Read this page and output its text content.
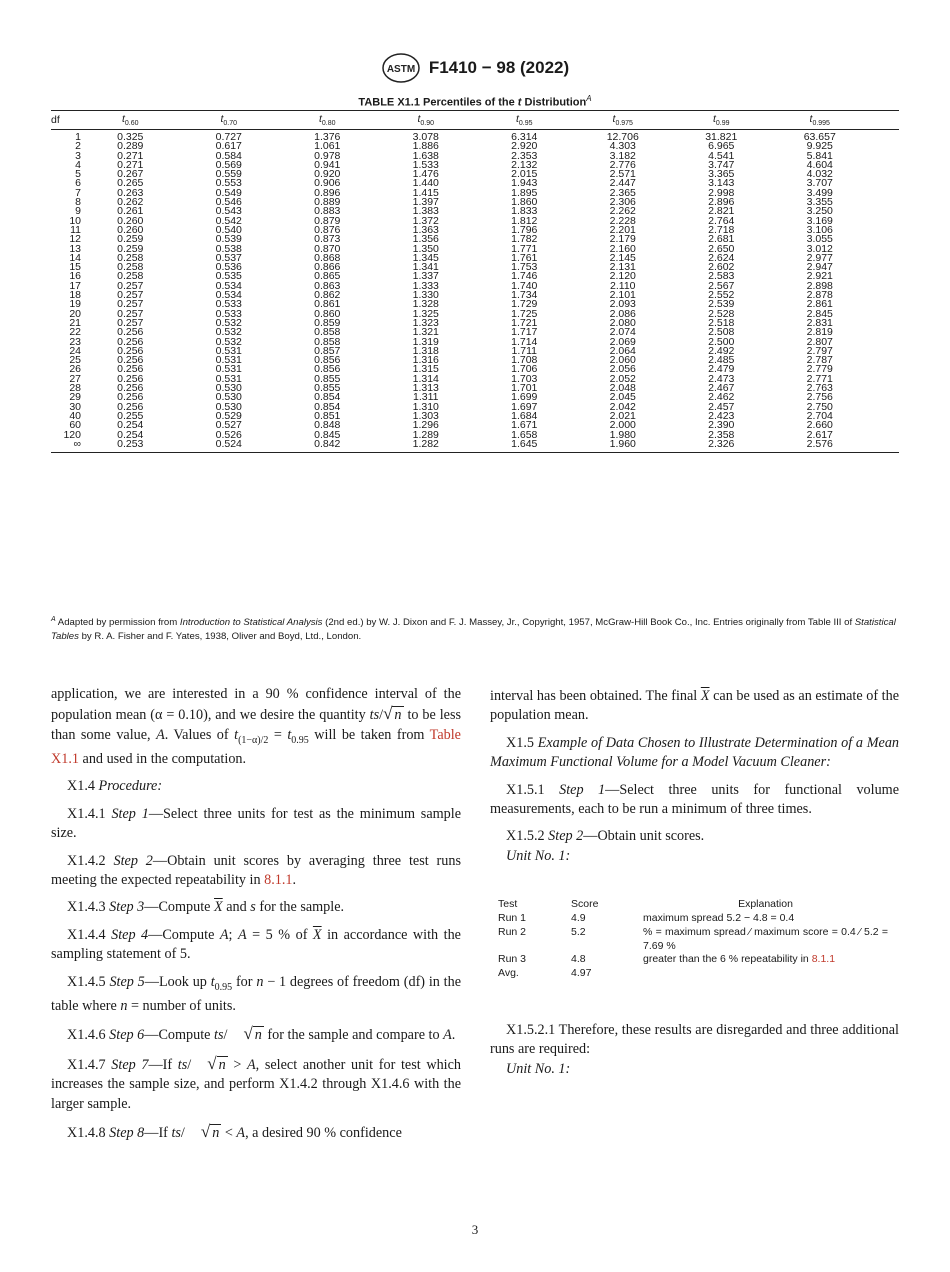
ASTM F1410 − 98 (2022)
TABLE X1.1 Percentiles of the t Distribution$^A$
df	$t_{0.60}$	$t_{0.70}$	$t_{0.80}$	$t_{0.90}$	$t_{0.95}$	$t_{0.975}$	$t_{0.99}$	$t_{0.995}$
1	0.325	0.727	1.376	3.078	6.314	12.706	31.821	63.657
2	0.289	0.617	1.061	1.886	2.920	4.303	6.965	9.925
3	0.271	0.584	0.978	1.638	2.353	3.182	4.541	5.841
4	0.271	0.569	0.941	1.533	2.132	2.776	3.747	4.604
5	0.267	0.559	0.920	1.476	2.015	2.571	3.365	4.032
6	0.265	0.553	0.906	1.440	1.943	2.447	3.143	3.707
7	0.263	0.549	0.896	1.415	1.895	2.365	2.998	3.499
8	0.262	0.546	0.889	1.397	1.860	2.306	2.896	3.355
9	0.261	0.543	0.883	1.383	1.833	2.262	2.821	3.250
10	0.260	0.542	0.879	1.372	1.812	2.228	2.764	3.169
11	0.260	0.540	0.876	1.363	1.796	2.201	2.718	3.106
12	0.259	0.539	0.873	1.356	1.782	2.179	2.681	3.055
13	0.259	0.538	0.870	1.350	1.771	2.160	2.650	3.012
14	0.258	0.537	0.868	1.345	1.761	2.145	2.624	2.977
15	0.258	0.536	0.866	1.341	1.753	2.131	2.602	2.947
16	0.258	0.535	0.865	1.337	1.746	2.120	2.583	2.921
17	0.257	0.534	0.863	1.333	1.740	2.110	2.567	2.898
18	0.257	0.534	0.862	1.330	1.734	2.101	2.552	2.878
19	0.257	0.533	0.861	1.328	1.729	2.093	2.539	2.861
20	0.257	0.533	0.860	1.325	1.725	2.086	2.528	2.845
21	0.257	0.532	0.859	1.323	1.721	2.080	2.518	2.831
22	0.256	0.532	0.858	1.321	1.717	2.074	2.508	2.819
23	0.256	0.532	0.858	1.319	1.714	2.069	2.500	2.807
24	0.256	0.531	0.857	1.318	1.711	2.064	2.492	2.797
25	0.256	0.531	0.856	1.316	1.708	2.060	2.485	2.787
26	0.256	0.531	0.856	1.315	1.706	2.056	2.479	2.779
27	0.256	0.531	0.855	1.314	1.703	2.052	2.473	2.771
28	0.256	0.530	0.855	1.313	1.701	2.048	2.467	2.763
29	0.256	0.530	0.854	1.311	1.699	2.045	2.462	2.756
30	0.256	0.530	0.854	1.310	1.697	2.042	2.457	2.750
40	0.255	0.529	0.851	1.303	1.684	2.021	2.423	2.704
60	0.254	0.527	0.848	1.296	1.671	2.000	2.390	2.660
120	0.254	0.526	0.845	1.289	1.658	1.980	2.358	2.617
∞	0.253	0.524	0.842	1.282	1.645	1.960	2.326	2.576
$^A$ Adapted by permission from Introduction to Statistical Analysis (2nd ed.) by W. J. Dixon and F. J. Massey, Jr., Copyright, 1957, McGraw-Hill Book Co., Inc. Entries originally from Table III of Statistical Tables by R. A. Fisher and F. Yates, 1938, Oliver and Boyd, Ltd., London.

application, we are interested in a 90 % confidence interval of the population mean (α = 0.10), and we desire the quantity ts/√ n to be less than some value, A. Values of $t_{(1-\alpha)/2} = t_{0.95}$ will be taken from Table X1.1 and used in the computation.

X1.4 Procedure:

X1.4.1 Step 1—Select three units for test as the minimum sample size.

X1.4.2 Step 2—Obtain unit scores by averaging three test runs meeting the expected repeatability in 8.1.1.

X1.4.3 Step 3—Compute $\overline{X}$ and s for the sample.

X1.4.4 Step 4—Compute A; A = 5 % of $\overline{X}$ in accordance with the sampling statement of 5.

X1.4.5 Step 5—Look up $t_{0.95}$ for n − 1 degrees of freedom (df) in the table where n = number of units.

X1.4.6 Step 6—Compute ts/ √ n for the sample and compare to A.

X1.4.7 Step 7—If ts/ √ n > A, select another unit for test which increases the sample size, and perform X1.4.2 through X1.4.6 with the larger sample.

X1.4.8 Step 8—If ts/ √ n < A, a desired 90 % confidence

interval has been obtained. The final $\overline{X}$ can be used as an estimate of the population mean.

X1.5 Example of Data Chosen to Illustrate Determination of a Mean Maximum Functional Volume for a Model Vacuum Cleaner:

X1.5.1 Step 1—Select three units for functional volume measurements, each to be run a minimum of three times.

X1.5.2 Step 2—Obtain unit scores.

Unit No. 1:

Test	Score	Explanation
Run 1	4.9	maximum spread 5.2 − 4.8 = 0.4
Run 2	5.2	% = maximum spread ⁄ maximum score = 0.4 ⁄ 5.2 = 7.69 %
Run 3	4.8	greater than the 6 % repeatability in 8.1.1
Avg.	4.97

X1.5.2.1 Therefore, these results are disregarded and three additional runs are required:

Unit No. 1:

3
